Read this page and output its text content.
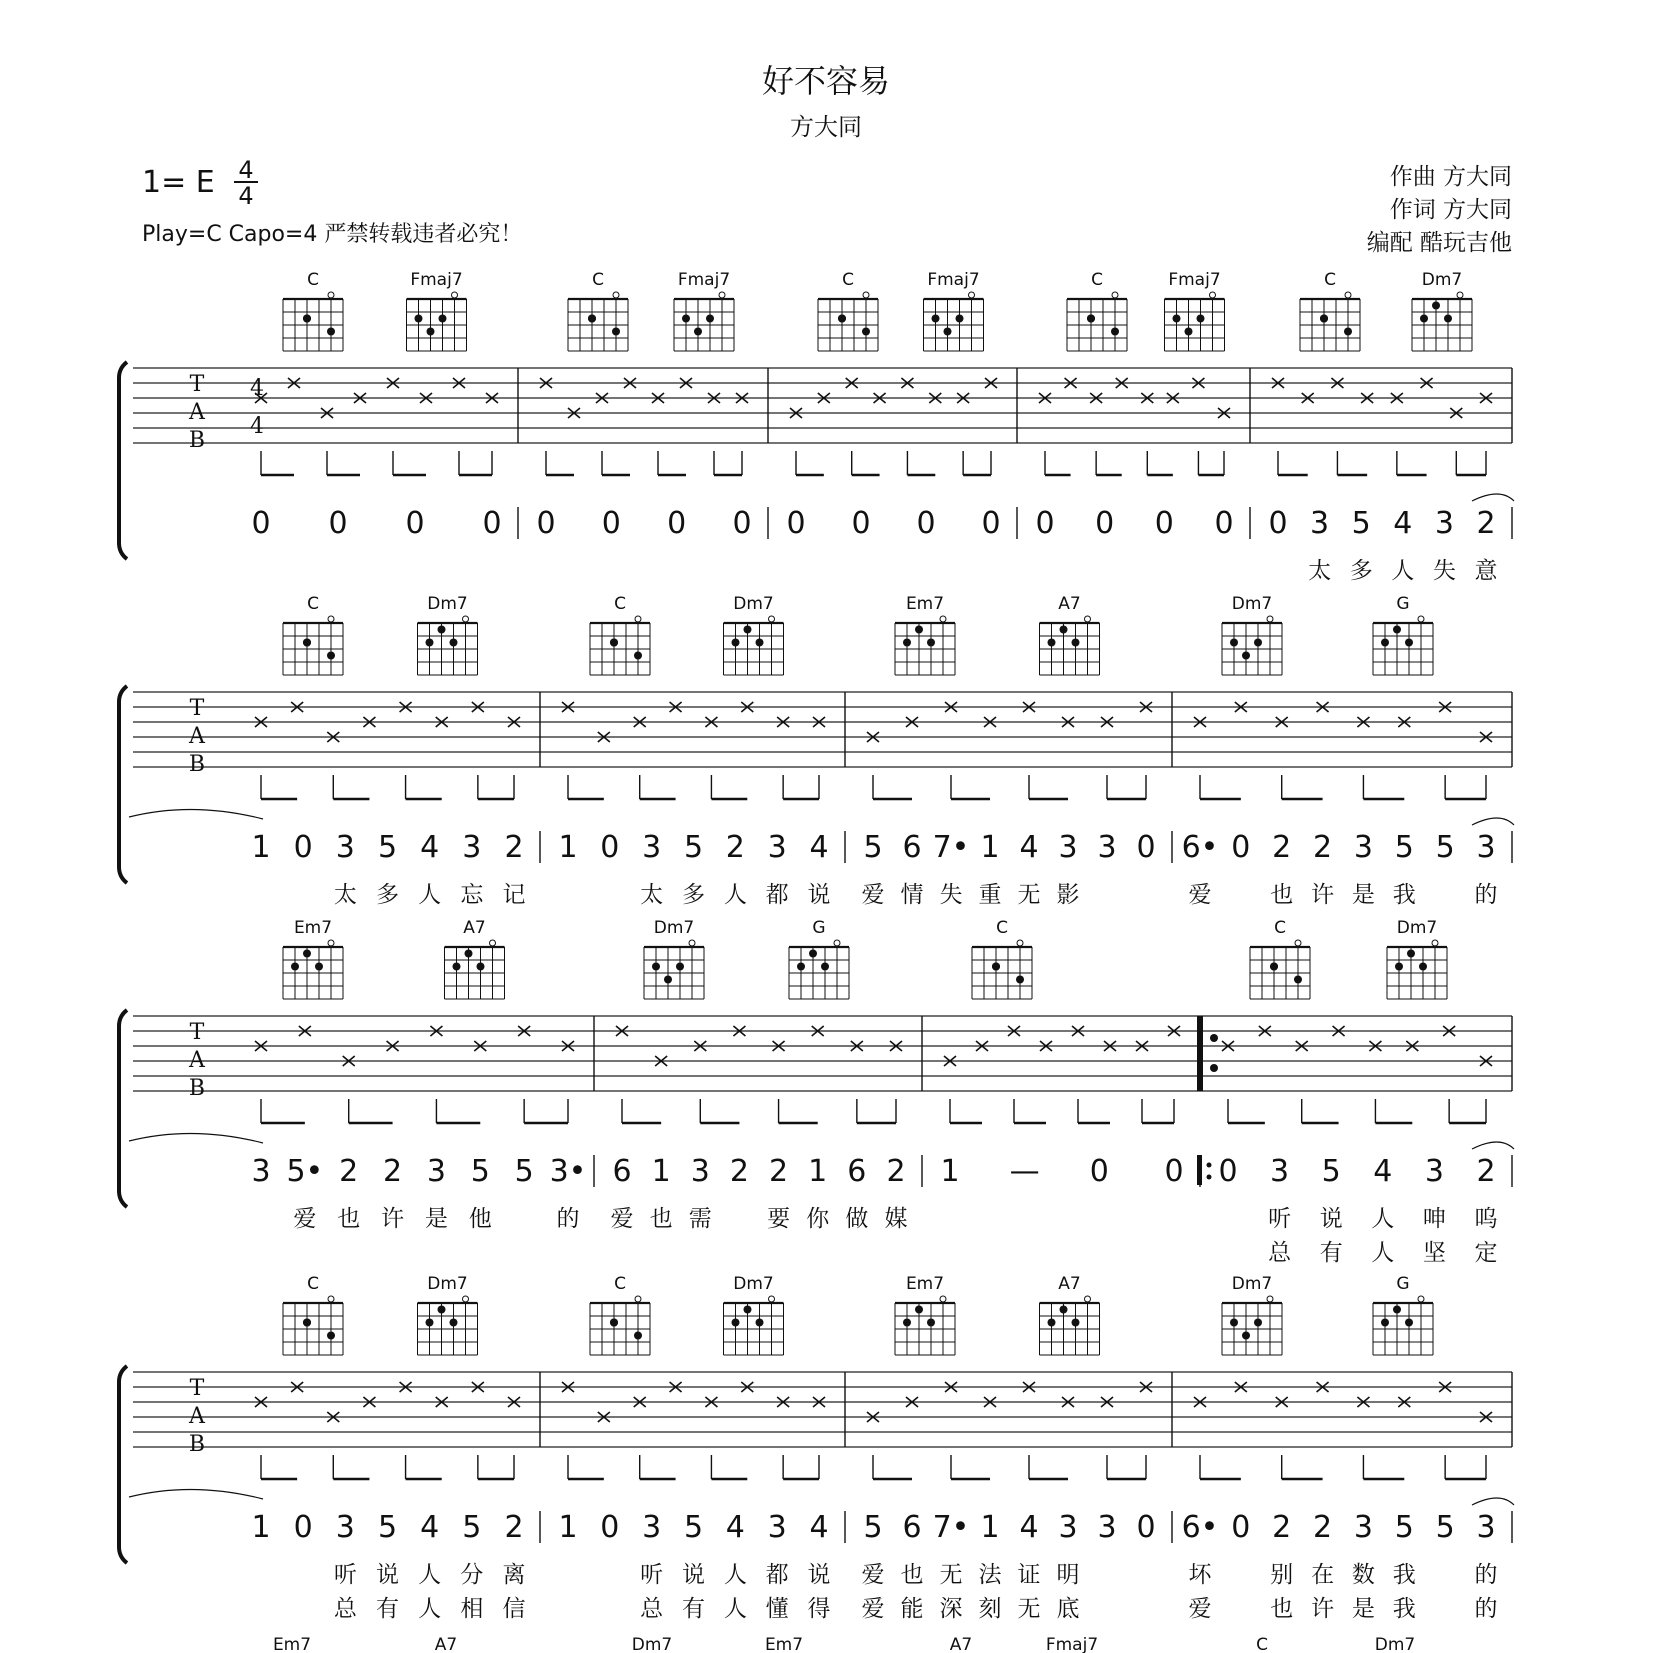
好不容易
方大同
1= E 4
4
Play=C Capo=4 严禁转载违者必究！
作曲 方大同
作词 方大同
编配 酷玩吉他
T
A
B
4
4
C	Fmaj7
0 0 0 0
C	Fmaj7
0 0 0 0
C	Fmaj7
0 0 0 0
C	Fmaj7
0 0 0 0
C	Dm7
0 3 5 4 3 2
太 多 人 失 意
T
A
B
C	Dm7
1 0 3 5 4 3 2
太 多 人 忘 记
C	Dm7
1 0 3 5 2 3 4
太 多 人 都 说
Em7	A7
5 6 7• 1 4 3 3 0
爱 情 失 重 无 影
Dm7	G
6• 0 2 2 3 5 5 3
爱	也 许 是 我	的
T
A
B
Em7	A7
3 5• 2 2 3 5 5 3•
爱 也 许 是 他	的
Dm7	G
6 1 3 2 2 1 6 2
爱 也 需 要 你 做 媒
C
1 — 0 0
C	Dm7
0 3 5 4 3 2
听 说 人 呻 呜
总 有 人 坚 定
T
A
B
C	Dm7
1 0 3 5 4 5 2
听 说 人 分 离
总 有 人 相 信
C	Dm7
1 0 3 5 4 3 4
听 说 人 都 说
总 有 人 懂 得
Em7	A7
5 6 7• 1 4 3 3 0
爱 也 无 法 证 明
爱 能 深 刻 无 底
Dm7	G
6• 0 2 2 3 5 5 3
坏	别 在 数 我	的
爱	也 许 是 我	的
Em7	A7	Dm7	Em7	A7	Fmaj7	C	Dm7
